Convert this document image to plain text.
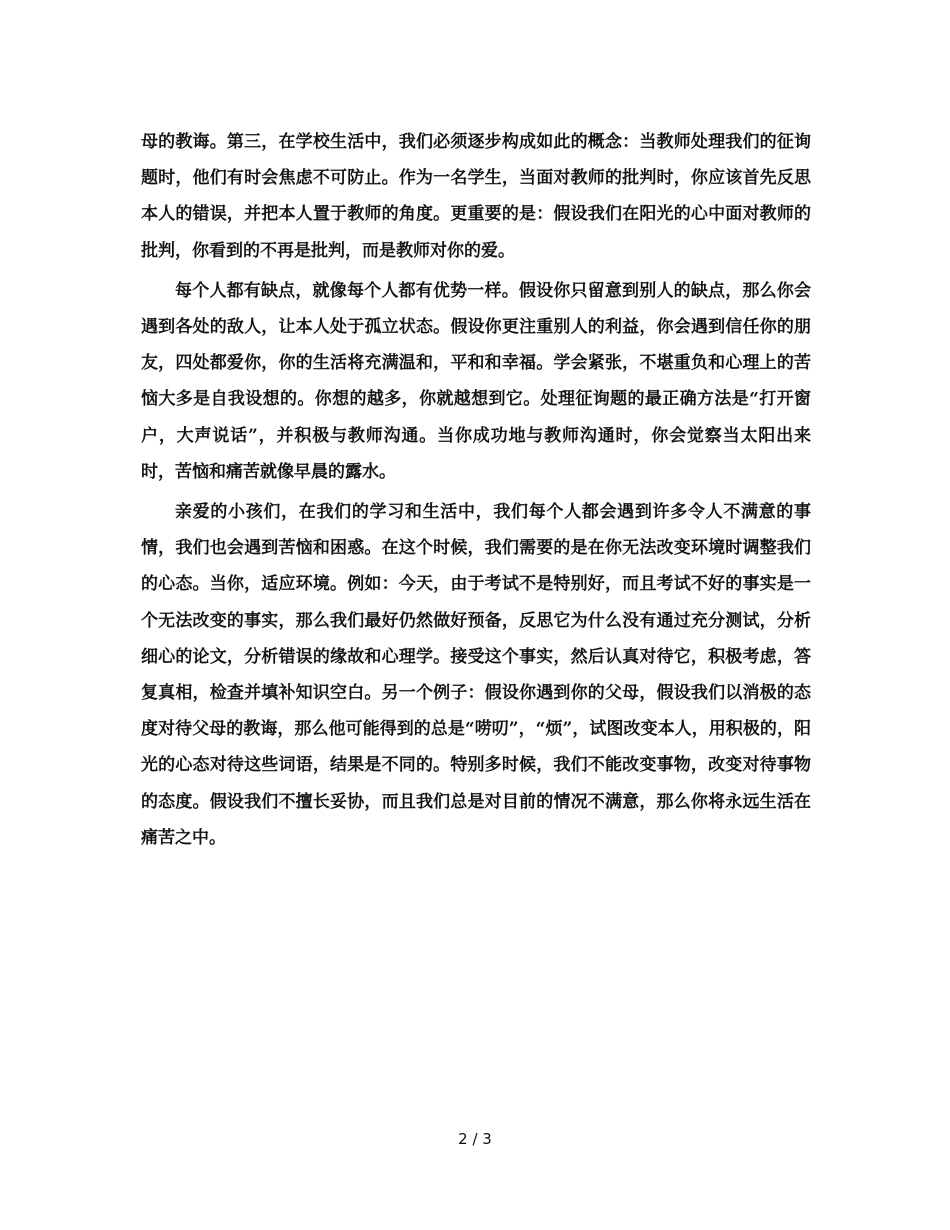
母的教诲。第三，在学校生活中，我们必须逐步构成如此的概念：当教师处理我们的征询题时，他们有时会焦虑不可防止。作为一名学生，当面对教师的批判时，你应该首先反思本人的错误，并把本人置于教师的角度。更重要的是：假设我们在阳光的心中面对教师的批判，你看到的不再是批判，而是教师对你的爱。

每个人都有缺点，就像每个人都有优势一样。假设你只留意到别人的缺点，那么你会遇到各处的敌人，让本人处于孤立状态。假设你更注重别人的利益，你会遇到信任你的朋友，四处都爱你，你的生活将充满温和，平和和幸福。学会紧张，不堪重负和心理上的苦恼大多是自我设想的。你想的越多，你就越想到它。处理征询题的最正确方法是“打开窗户，大声说话”，并积极与教师沟通。当你成功地与教师沟通时，你会觉察当太阳出来时，苦恼和痛苦就像早晨的露水。

亲爱的小孩们，在我们的学习和生活中，我们每个人都会遇到许多令人不满意的事情，我们也会遇到苦恼和困惑。在这个时候，我们需要的是在你无法改变环境时调整我们的心态。当你，适应环境。例如：今天，由于考试不是特别好，而且考试不好的事实是一个无法改变的事实，那么我们最好仍然做好预备，反思它为什么没有通过充分测试，分析细心的论文，分析错误的缘故和心理学。接受这个事实，然后认真对待它，积极考虑，答复真相，检查并填补知识空白。另一个例子：假设你遇到你的父母，假设我们以消极的态度对待父母的教诲，那么他可能得到的总是“唠叨”，“烦”，试图改变本人，用积极的，阳光的心态对待这些词语，结果是不同的。特别多时候，我们不能改变事物，改变对待事物的态度。假设我们不擅长妥协，而且我们总是对目前的情况不满意，那么你将永远生活在痛苦之中。

2 / 3
